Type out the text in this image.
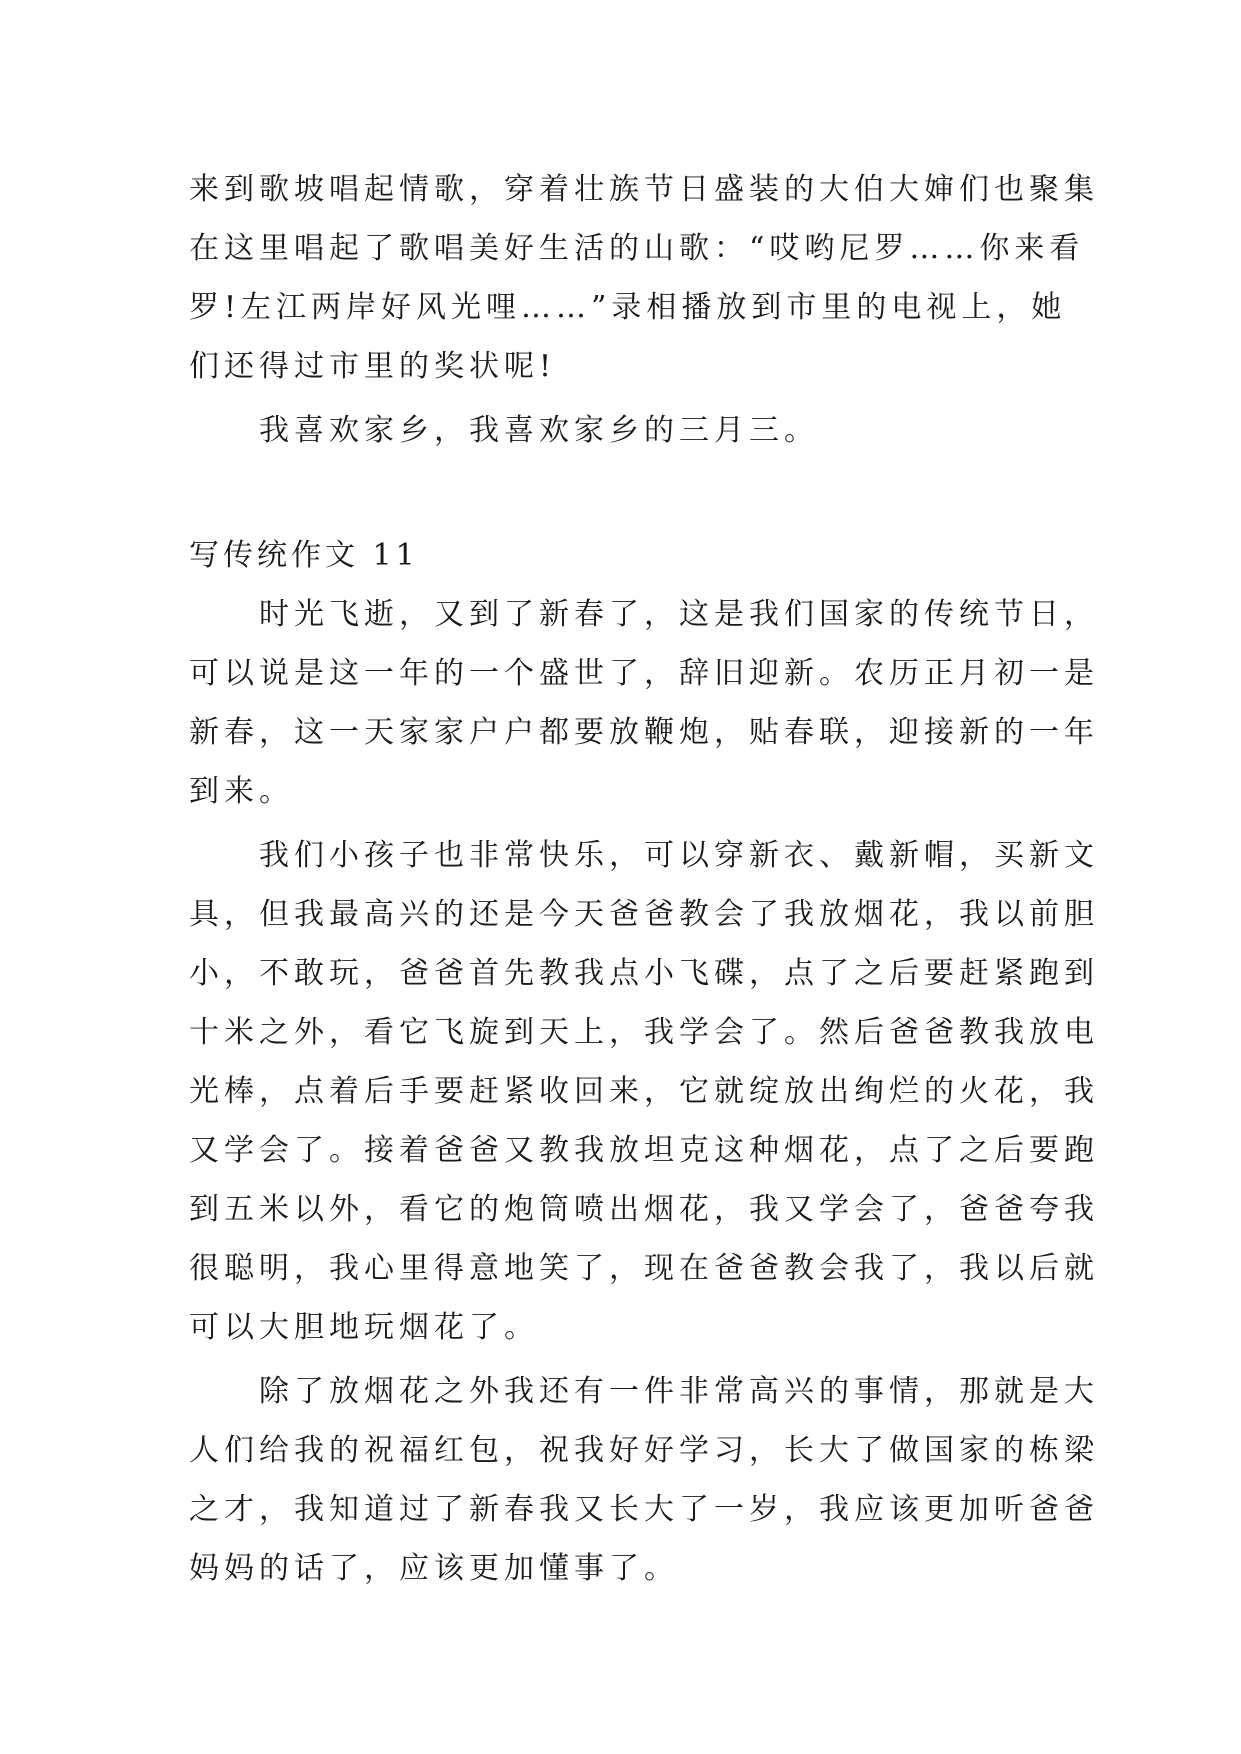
来到歌坡唱起情歌，穿着壮族节日盛装的大伯大婶们也聚集
在这里唱起了歌唱美好生活的山歌：“哎哟尼罗……你来看
罗!左江两岸好风光哩……”录相播放到市里的电视上，她
们还得过市里的奖状呢!
我喜欢家乡，我喜欢家乡的三月三。
写传统作文 11
时光飞逝，又到了新春了，这是我们国家的传统节日，
可以说是这一年的一个盛世了，辞旧迎新。农历正月初一是
新春，这一天家家户户都要放鞭炮，贴春联，迎接新的一年
到来。
我们小孩子也非常快乐，可以穿新衣、戴新帽，买新文
具，但我最高兴的还是今天爸爸教会了我放烟花，我以前胆
小，不敢玩，爸爸首先教我点小飞碟，点了之后要赶紧跑到
十米之外，看它飞旋到天上，我学会了。然后爸爸教我放电
光棒，点着后手要赶紧收回来，它就绽放出绚烂的火花，我
又学会了。接着爸爸又教我放坦克这种烟花，点了之后要跑
到五米以外，看它的炮筒喷出烟花，我又学会了，爸爸夸我
很聪明，我心里得意地笑了，现在爸爸教会我了，我以后就
可以大胆地玩烟花了。
除了放烟花之外我还有一件非常高兴的事情，那就是大
人们给我的祝福红包，祝我好好学习，长大了做国家的栋梁
之才，我知道过了新春我又长大了一岁，我应该更加听爸爸
妈妈的话了，应该更加懂事了。
